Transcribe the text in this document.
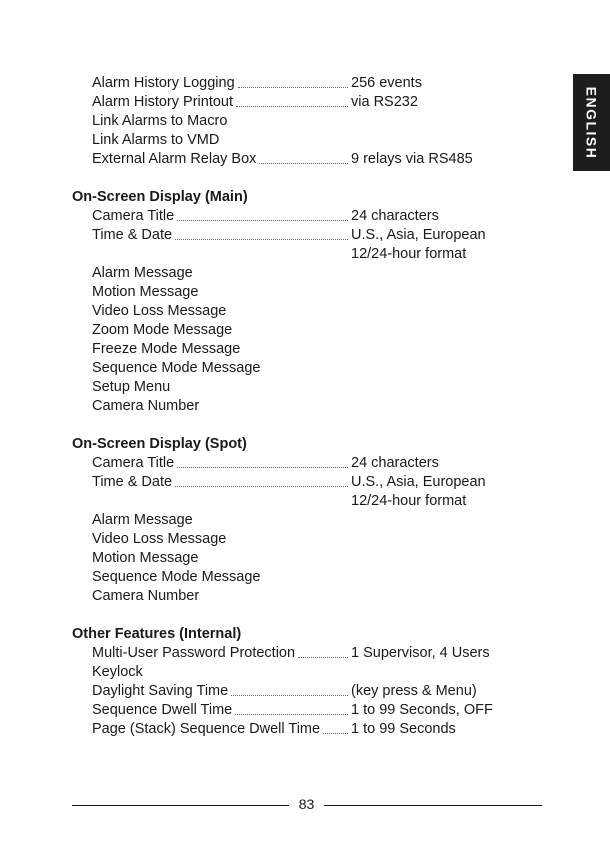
ENGLISH
Alarm History Logging	256 events
Alarm History Printout	via RS232
Link Alarms to Macro
Link Alarms to VMD
External Alarm Relay Box	9 relays via RS485
On-Screen Display (Main)
Camera Title	24 characters
Time & Date	U.S., Asia, European
12/24-hour format
Alarm Message
Motion Message
Video Loss Message
Zoom Mode Message
Freeze Mode Message
Sequence Mode Message
Setup Menu
Camera Number
On-Screen Display (Spot)
Camera Title	24 characters
Time & Date	U.S., Asia, European
12/24-hour format
Alarm Message
Video Loss Message
Motion Message
Sequence Mode Message
Camera Number
Other Features (Internal)
Multi-User Password Protection	1 Supervisor, 4 Users
Keylock
Daylight Saving Time	(key press & Menu)
Sequence Dwell Time	1 to 99 Seconds, OFF
Page (Stack) Sequence Dwell Time 1 to 99 Seconds
83
